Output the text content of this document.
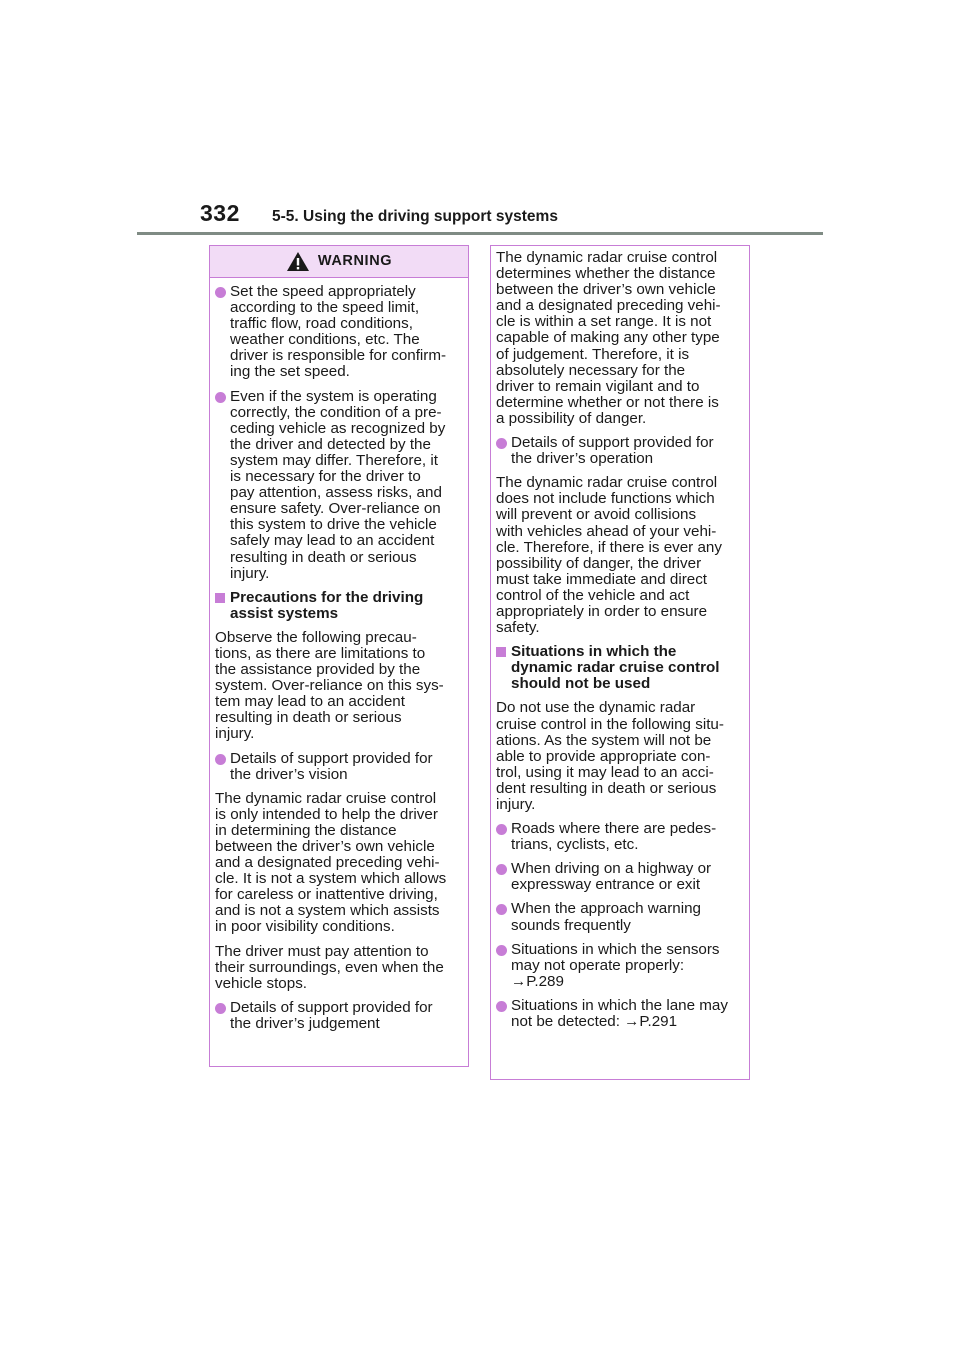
332 5-5. Using the driving support systems
WARNING
Set the speed appropriately
according to the speed limit,
traffic flow, road conditions,
weather conditions, etc. The
driver is responsible for confirm-
ing the set speed.
Even if the system is operating
correctly, the condition of a pre-
ceding vehicle as recognized by
the driver and detected by the
system may differ. Therefore, it
is necessary for the driver to
pay attention, assess risks, and
ensure safety. Over-reliance on
this system to drive the vehicle
safely may lead to an accident
resulting in death or serious
injury.
Precautions for the driving
assist systems
Observe the following precau-
tions, as there are limitations to
the assistance provided by the
system. Over-reliance on this sys-
tem may lead to an accident
resulting in death or serious
injury.
Details of support provided for
the driver’s vision
The dynamic radar cruise control
is only intended to help the driver
in determining the distance
between the driver’s own vehicle
and a designated preceding vehi-
cle. It is not a system which allows
for careless or inattentive driving,
and is not a system which assists
in poor visibility conditions.
The driver must pay attention to
their surroundings, even when the
vehicle stops.
Details of support provided for
the driver’s judgement
The dynamic radar cruise control
determines whether the distance
between the driver’s own vehicle
and a designated preceding vehi-
cle is within a set range. It is not
capable of making any other type
of judgement. Therefore, it is
absolutely necessary for the
driver to remain vigilant and to
determine whether or not there is
a possibility of danger.
Details of support provided for
the driver’s operation
The dynamic radar cruise control
does not include functions which
will prevent or avoid collisions
with vehicles ahead of your vehi-
cle. Therefore, if there is ever any
possibility of danger, the driver
must take immediate and direct
control of the vehicle and act
appropriately in order to ensure
safety.
Situations in which the
dynamic radar cruise control
should not be used
Do not use the dynamic radar
cruise control in the following situ-
ations. As the system will not be
able to provide appropriate con-
trol, using it may lead to an acci-
dent resulting in death or serious
injury.
Roads where there are pedes-
trians, cyclists, etc.
When driving on a highway or
expressway entrance or exit
When the approach warning
sounds frequently
Situations in which the sensors
may not operate properly:
→P.289
Situations in which the lane may
not be detected: →P.291
